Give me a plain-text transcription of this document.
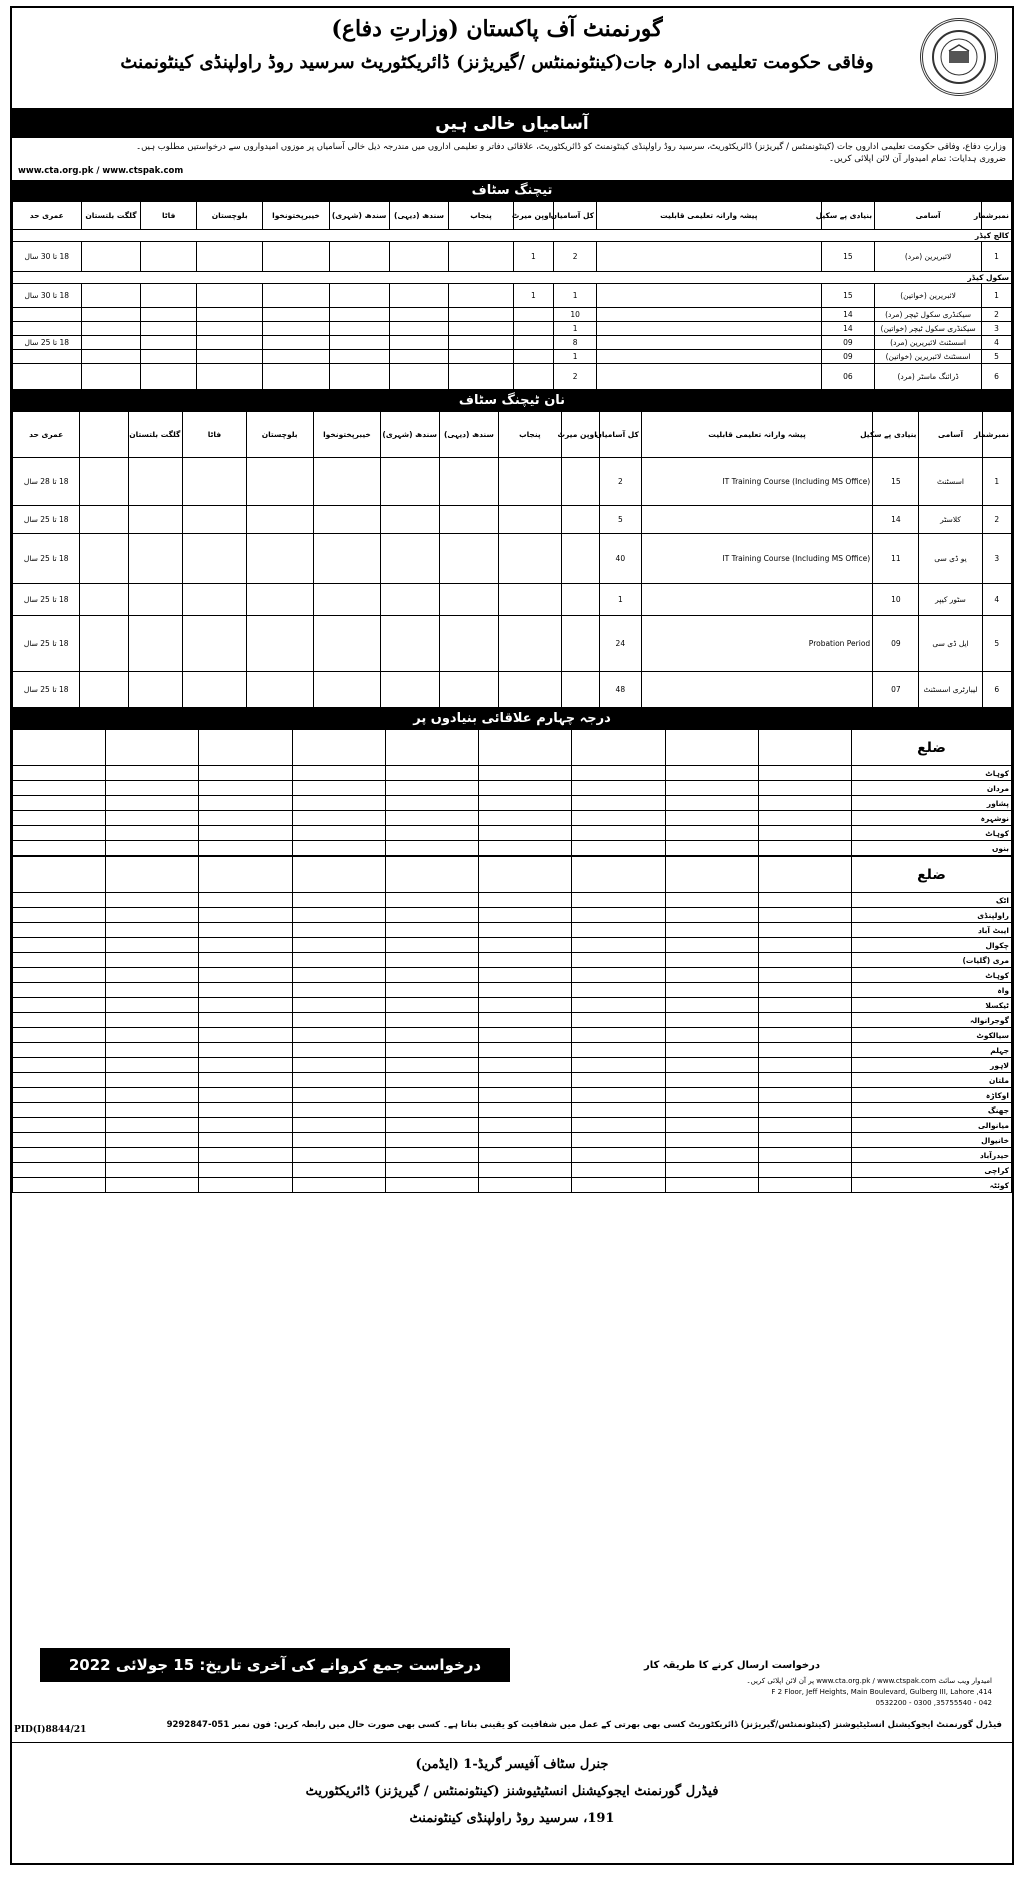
گورنمنٹ آف پاکستان (وزارتِ دفاع)
وفاقی حکومت تعلیمی ادارہ جات(کینٹونمنٹس /گیریژنز) ڈائریکٹوریٹ سرسید روڈ راولپنڈی کینٹونمنٹ
آسامیاں خالی ہیں
وزارتِ دفاع، وفاقی حکومت تعلیمی اداروں جات (کینٹونمنٹس / گیریژنز) ڈائریکٹوریٹ، سرسید روڈ راولپنڈی کینٹونمنٹ کو ڈائریکٹوریٹ، علاقائی دفاتر و تعلیمی اداروں میں مندرجہ ذیل خالی آسامیاں پر موزوں امیدواروں سے درخواستیں مطلوب ہیں۔
ضروری ہدایات: تمام امیدوار آن لائن اپلائی کریں۔
www.cta.org.pk / www.ctspak.com
تیچنگ سٹاف
نمبرشمار	آسامی	بنیادی پے سکیل	پیشہ وارانہ تعلیمی قابلیت	کل آسامیاں	اوپن میرٹ	پنجاب	سندھ (دیہی)	سندھ (شہری)	خیبرپختونخوا	بلوچستان	فاٹا	گلگت بلتستان	عمری حد
کالج کیڈر													
1	لائبریرین (مرد)	15		2	1								18 تا 30 سال
سکول کیڈر													
1	لائبریرین (خواتین)	15		1	1								18 تا 30 سال
2	سیکنڈری سکول ٹیچر (مرد)	14		10									
3	سیکنڈری سکول ٹیچر (خواتین)	14		1									
4	اسسٹنٹ لائبریرین (مرد)	09		8									18 تا 25 سال
5	اسسٹنٹ لائبریرین (خواتین)	09		1									
6	ڈرائنگ ماسٹر (مرد)	06		2									
نان ٹیچنگ سٹاف
نمبرشمار	آسامی	بنیادی پے سکیل	پیشہ وارانہ تعلیمی قابلیت	کل آسامیاں	اوپن میرٹ	پنجاب	سندھ (دیہی)	سندھ (شہری)	خیبرپختونخوا	بلوچستان	فاٹا	گلگت بلتستان		عمری حد
1	اسسٹنٹ	15	IT Training Course (Including MS Office)	2										18 تا 28 سال
2	کلاسٹر	14		5										18 تا 25 سال
3	یو ڈی سی	11	IT Training Course (Including MS Office)	40										18 تا 25 سال
4	سٹور کیپر	10		1										18 تا 25 سال
5	ایل ڈی سی	09	Probation Period	24										18 تا 25 سال
6	لیبارٹری اسسٹنٹ	07		48										18 تا 25 سال
درجہ چہارم علاقائی بنیادوں پر
ضلع									
کوہاٹ									
مردان									
پشاور									
نوشہرہ									
کوہاٹ									
بنوں									
ضلع									
اٹک									
راولپنڈی									
ایبٹ آباد									
چکوال									
مری (گلیات)									
کوہاٹ									
واہ									
ٹیکسلا									
گوجرانوالہ									
سیالکوٹ									
جہلم									
لاہور									
ملتان									
اوکاڑہ									
جھنگ									
میانوالی									
خانیوال									
حیدرآباد									
کراچی									
کوئٹہ									
درخواست ارسال کرنے کا طریقہ کار
امیدوار ویب سائٹ www.cta.org.pk / www.ctspak.com پر آن لائن اپلائی کریں۔
414, F 2 Floor, Jeff Heights, Main Boulevard, Gulberg III, Lahore
042 - 35755540, 0300 - 0532200
درخواست جمع کروانے کی آخری تاریخ: 15 جولائی 2022
فیڈرل گورنمنٹ ایجوکیشنل انسٹیٹیوشنز (کینٹونمنٹس/گیریژنز) ڈائریکٹوریٹ کسی بھی بھرتی کے عمل میں شفافیت کو یقینی بناتا ہے۔ کسی بھی صورت حال میں رابطہ کریں: فون نمبر 051-9292847
PID(I)8844/21
جنرل سٹاف آفیسر گریڈ-1 (ایڈمن)
فیڈرل گورنمنٹ ایجوکیشنل انسٹیٹیوشنز (کینٹونمنٹس / گیریژنز) ڈائریکٹوریٹ
191، سرسید روڈ راولپنڈی کینٹونمنٹ
